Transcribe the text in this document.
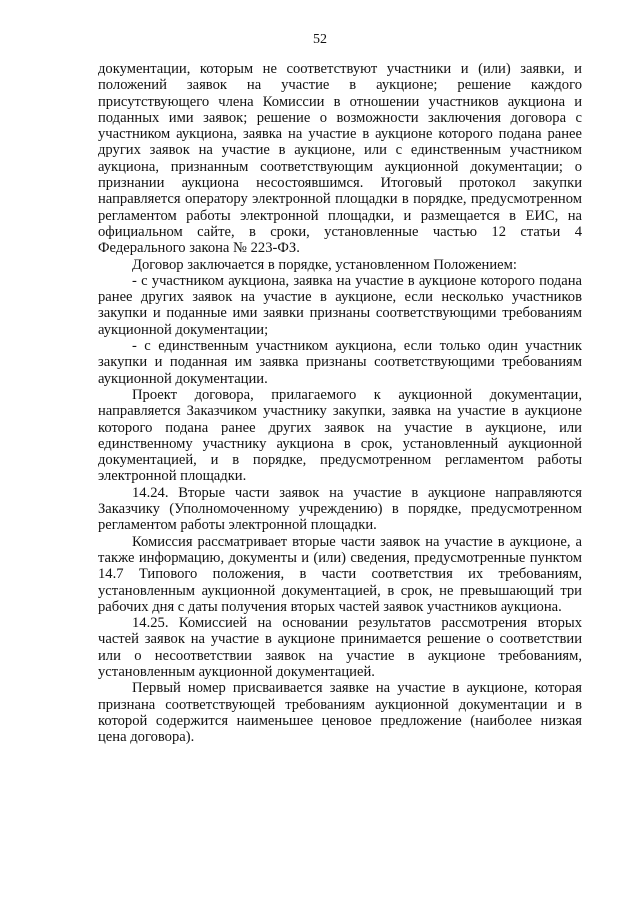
52

документации, которым не соответствуют участники и (или) заявки, и положений заявок на участие в аукционе; решение каждого присутствующего члена Комиссии в отношении участников аукциона и поданных ими заявок; решение о возможности заключения договора с участником аукциона, заявка на участие в аукционе которого подана ранее других заявок на участие в аукционе, или с единственным участником аукциона, признанным соответствующим аукционной документации; о признании аукциона несостоявшимся. Итоговый протокол закупки направляется оператору электронной площадки в порядке, предусмотренном регламентом работы электронной площадки, и размещается в ЕИС, на официальном сайте, в сроки, установленные частью 12 статьи 4 Федерального закона № 223-ФЗ.

Договор заключается в порядке, установленном Положением:

- с участником аукциона, заявка на участие в аукционе которого подана ранее других заявок на участие в аукционе, если несколько участников закупки и поданные ими заявки признаны соответствующими требованиям аукционной документации;

- с единственным участником аукциона, если только один участник закупки и поданная им заявка признаны соответствующими требованиям аукционной документации.

Проект договора, прилагаемого к аукционной документации, направляется Заказчиком участнику закупки, заявка на участие в аукционе которого подана ранее других заявок на участие в аукционе, или единственному участнику аукциона в срок, установленный аукционной документацией, и в порядке, предусмотренном регламентом работы электронной площадки.

14.24. Вторые части заявок на участие в аукционе направляются Заказчику (Уполномоченному учреждению) в порядке, предусмотренном регламентом работы электронной площадки.

Комиссия рассматривает вторые части заявок на участие в аукционе, а также информацию, документы и (или) сведения, предусмотренные пунктом 14.7 Типового положения, в части соответствия их требованиям, установленным аукционной документацией, в срок, не превышающий три рабочих дня с даты получения вторых частей заявок участников аукциона.

14.25. Комиссией на основании результатов рассмотрения вторых частей заявок на участие в аукционе принимается решение о соответствии или о несоответствии заявок на участие в аукционе требованиям, установленным аукционной документацией.

Первый номер присваивается заявке на участие в аукционе, которая признана соответствующей требованиям аукционной документации и в которой содержится наименьшее ценовое предложение (наиболее низкая цена договора).
